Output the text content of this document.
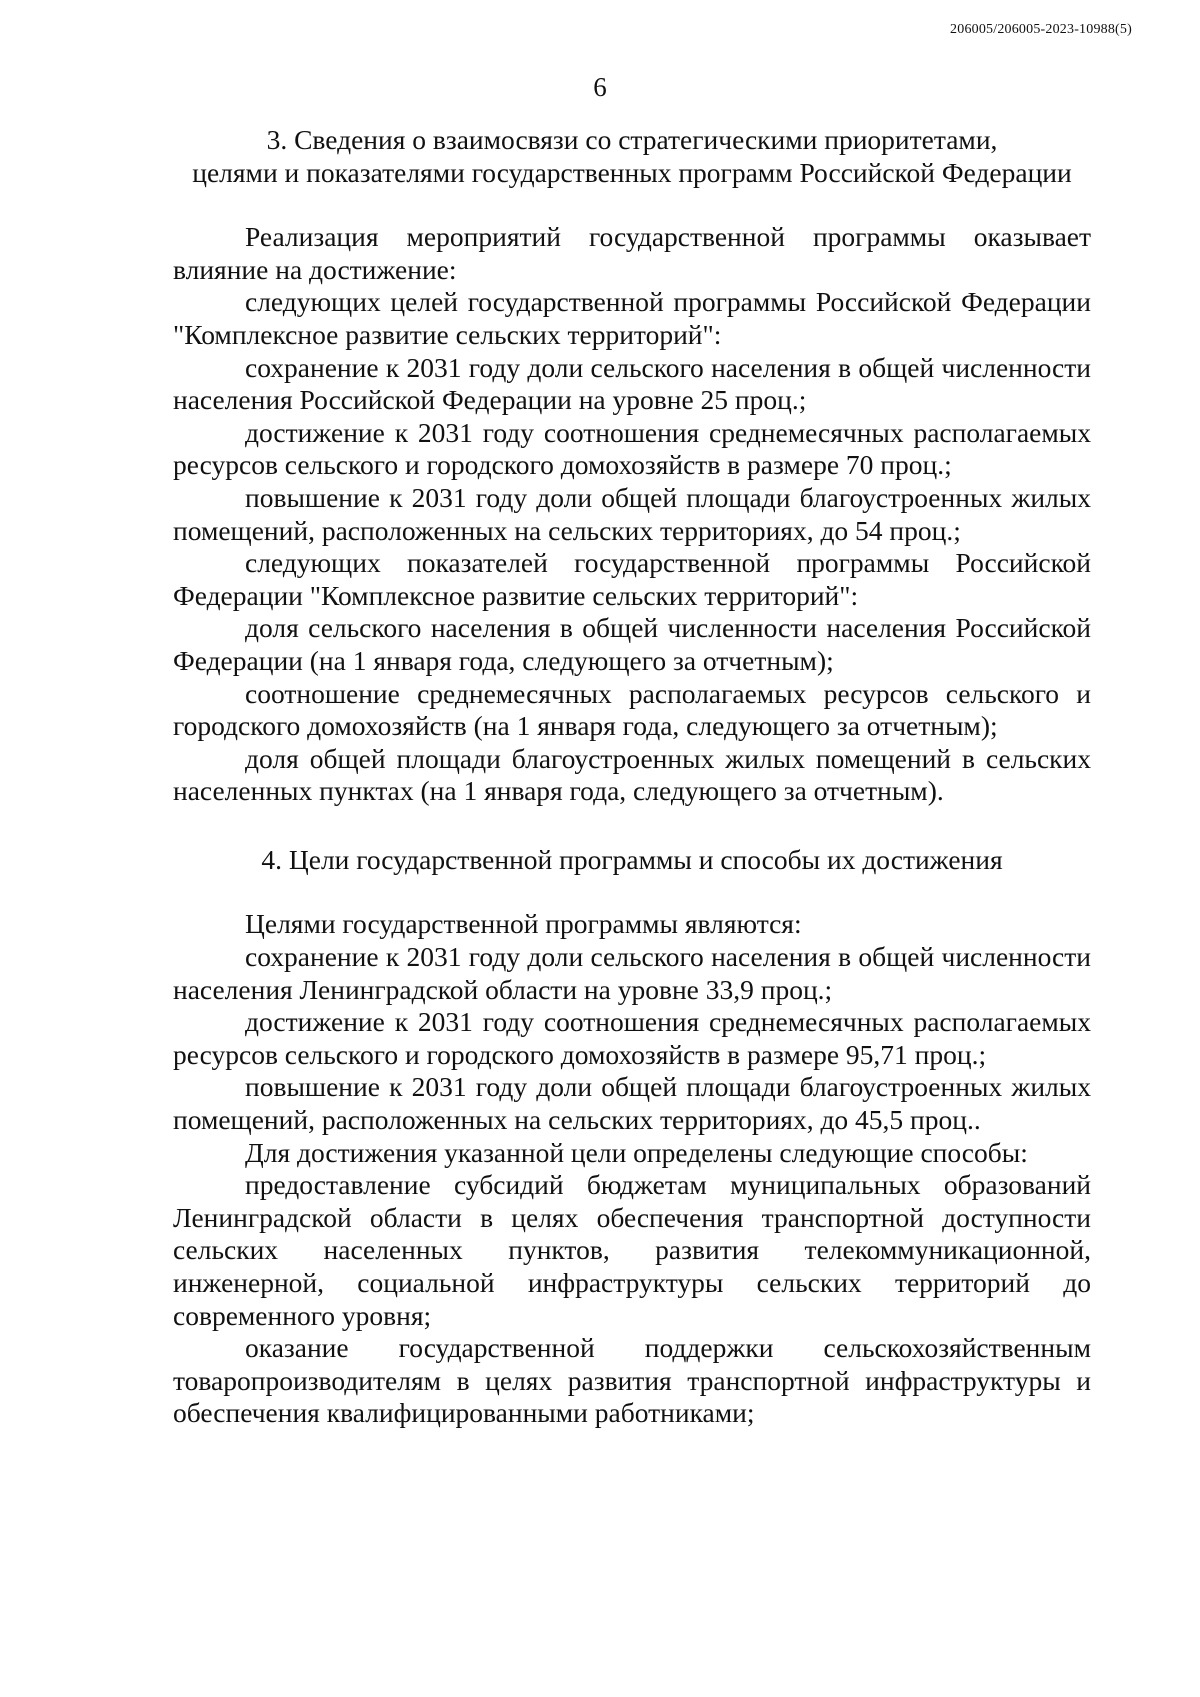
206005/206005-2023-10988(5)
6
3. Сведения о взаимосвязи со стратегическими приоритетами,
целями и показателями государственных программ Российской Федерации

Реализация мероприятий государственной программы оказывает влияние на достижение:

следующих целей государственной программы Российской Федерации "Комплексное развитие сельских территорий":

сохранение к 2031 году доли сельского населения в общей численности населения Российской Федерации на уровне 25 проц.;

достижение к 2031 году соотношения среднемесячных располагаемых ресурсов сельского и городского домохозяйств в размере 70 проц.;

повышение к 2031 году доли общей площади благоустроенных жилых помещений, расположенных на сельских территориях, до 54 проц.;

следующих показателей государственной программы Российской Федерации "Комплексное развитие сельских территорий":

доля сельского населения в общей численности населения Российской Федерации (на 1 января года, следующего за отчетным);

соотношение среднемесячных располагаемых ресурсов сельского и городского домохозяйств (на 1 января года, следующего за отчетным);

доля общей площади благоустроенных жилых помещений в сельских населенных пунктах (на 1 января года, следующего за отчетным).

4. Цели государственной программы и способы их достижения

Целями государственной программы являются:

сохранение к 2031 году доли сельского населения в общей численности населения Ленинградской области на уровне 33,9 проц.;

достижение к 2031 году соотношения среднемесячных располагаемых ресурсов сельского и городского домохозяйств в размере 95,71 проц.;

повышение к 2031 году доли общей площади благоустроенных жилых помещений, расположенных на сельских территориях, до 45,5 проц..

Для достижения указанной цели определены следующие способы:

предоставление субсидий бюджетам муниципальных образований Ленинградской области в целях обеспечения транспортной доступности сельских населенных пунктов, развития телекоммуникационной, инженерной, социальной инфраструктуры сельских территорий до современного уровня;

оказание государственной поддержки сельскохозяйственным товаропроизводителям в целях развития транспортной инфраструктуры и обеспечения квалифицированными работниками;
